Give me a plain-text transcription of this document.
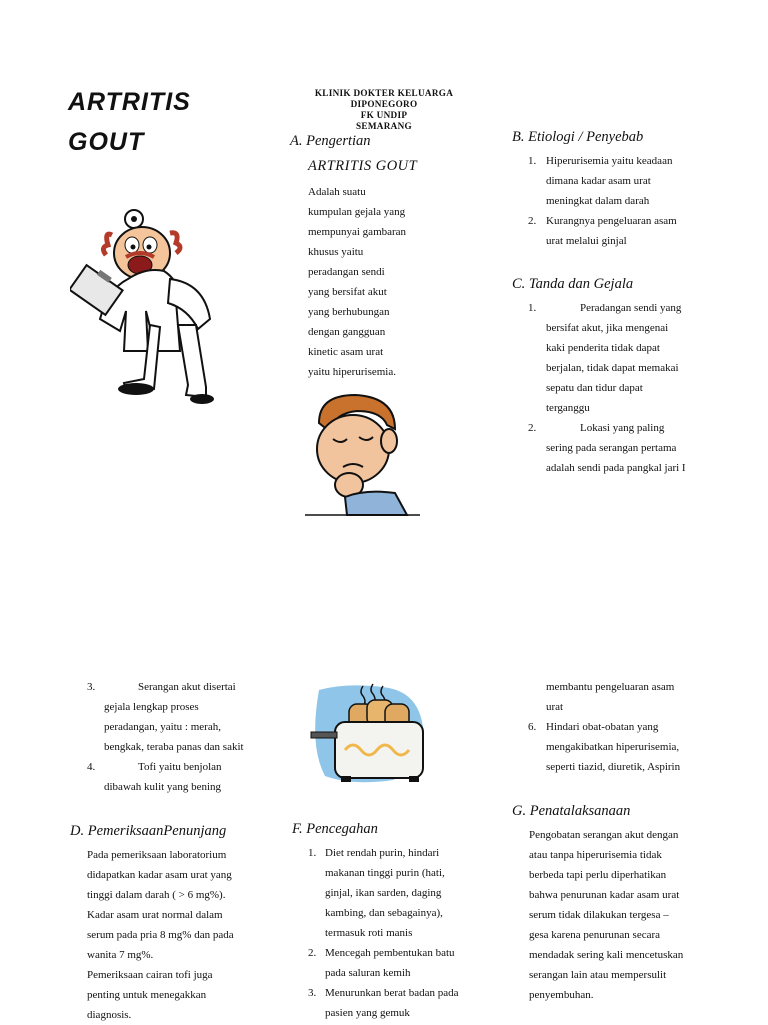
ARTRITIS
GOUT
KLINIK DOKTER KELUARGA
DIPONEGORO
FK UNDIP
SEMARANG
A. Pengertian
ARTRITIS GOUT
Adalah suatu
kumpulan gejala yang
mempunyai gambaran
khusus yaitu
peradangan sendi
yang bersifat akut
yang berhubungan
dengan gangguan
kinetic asam urat
yaitu hiperurisemia.
B. Etiologi / Penyebab
1. Hiperurisemia yaitu keadaan
dimana kadar asam urat
meningkat dalam darah
2. Kurangnya pengeluaran asam
urat melalui ginjal
C. Tanda dan Gejala
1.	Peradangan sendi yang
bersifat akut, jika mengenai
kaki penderita tidak dapat
berjalan, tidak dapat memakai
sepatu dan tidur dapat
terganggu
2.	Lokasi yang paling
sering pada serangan pertama
adalah sendi pada pangkal jari I
3.	Serangan akut disertai
gejala lengkap proses
peradangan, yaitu : merah,
bengkak, teraba panas dan sakit
4.	Tofi yaitu benjolan
dibawah kulit yang bening
D. PemeriksaanPenunjang
Pada pemeriksaan laboratorium
didapatkan kadar asam urat yang
tinggi dalam darah ( > 6 mg%).
Kadar asam urat normal dalam
serum pada pria 8 mg% dan pada
wanita 7 mg%.
Pemeriksaan cairan tofi juga
penting untuk menegakkan
diagnosis.
F. Pencegahan
1. Diet rendah purin, hindari
makanan tinggi purin (hati,
ginjal, ikan sarden, daging
kambing, dan sebagainya),
termasuk roti manis
2. Mencegah pembentukan batu
pada saluran kemih
3. Menurunkan berat badan pada
pasien yang gemuk
membantu pengeluaran asam
urat
6. Hindari obat-obatan yang
mengakibatkan hiperurisemia,
seperti tiazid, diuretik, Aspirin
G. Penatalaksanaan
Pengobatan serangan akut dengan
atau tanpa hiperurisemia tidak
berbeda tapi perlu diperhatikan
bahwa penurunan kadar asam urat
serum tidak dilakukan tergesa –
gesa karena penurunan secara
mendadak sering kali mencetuskan
serangan lain atau mempersulit
penyembuhan.
